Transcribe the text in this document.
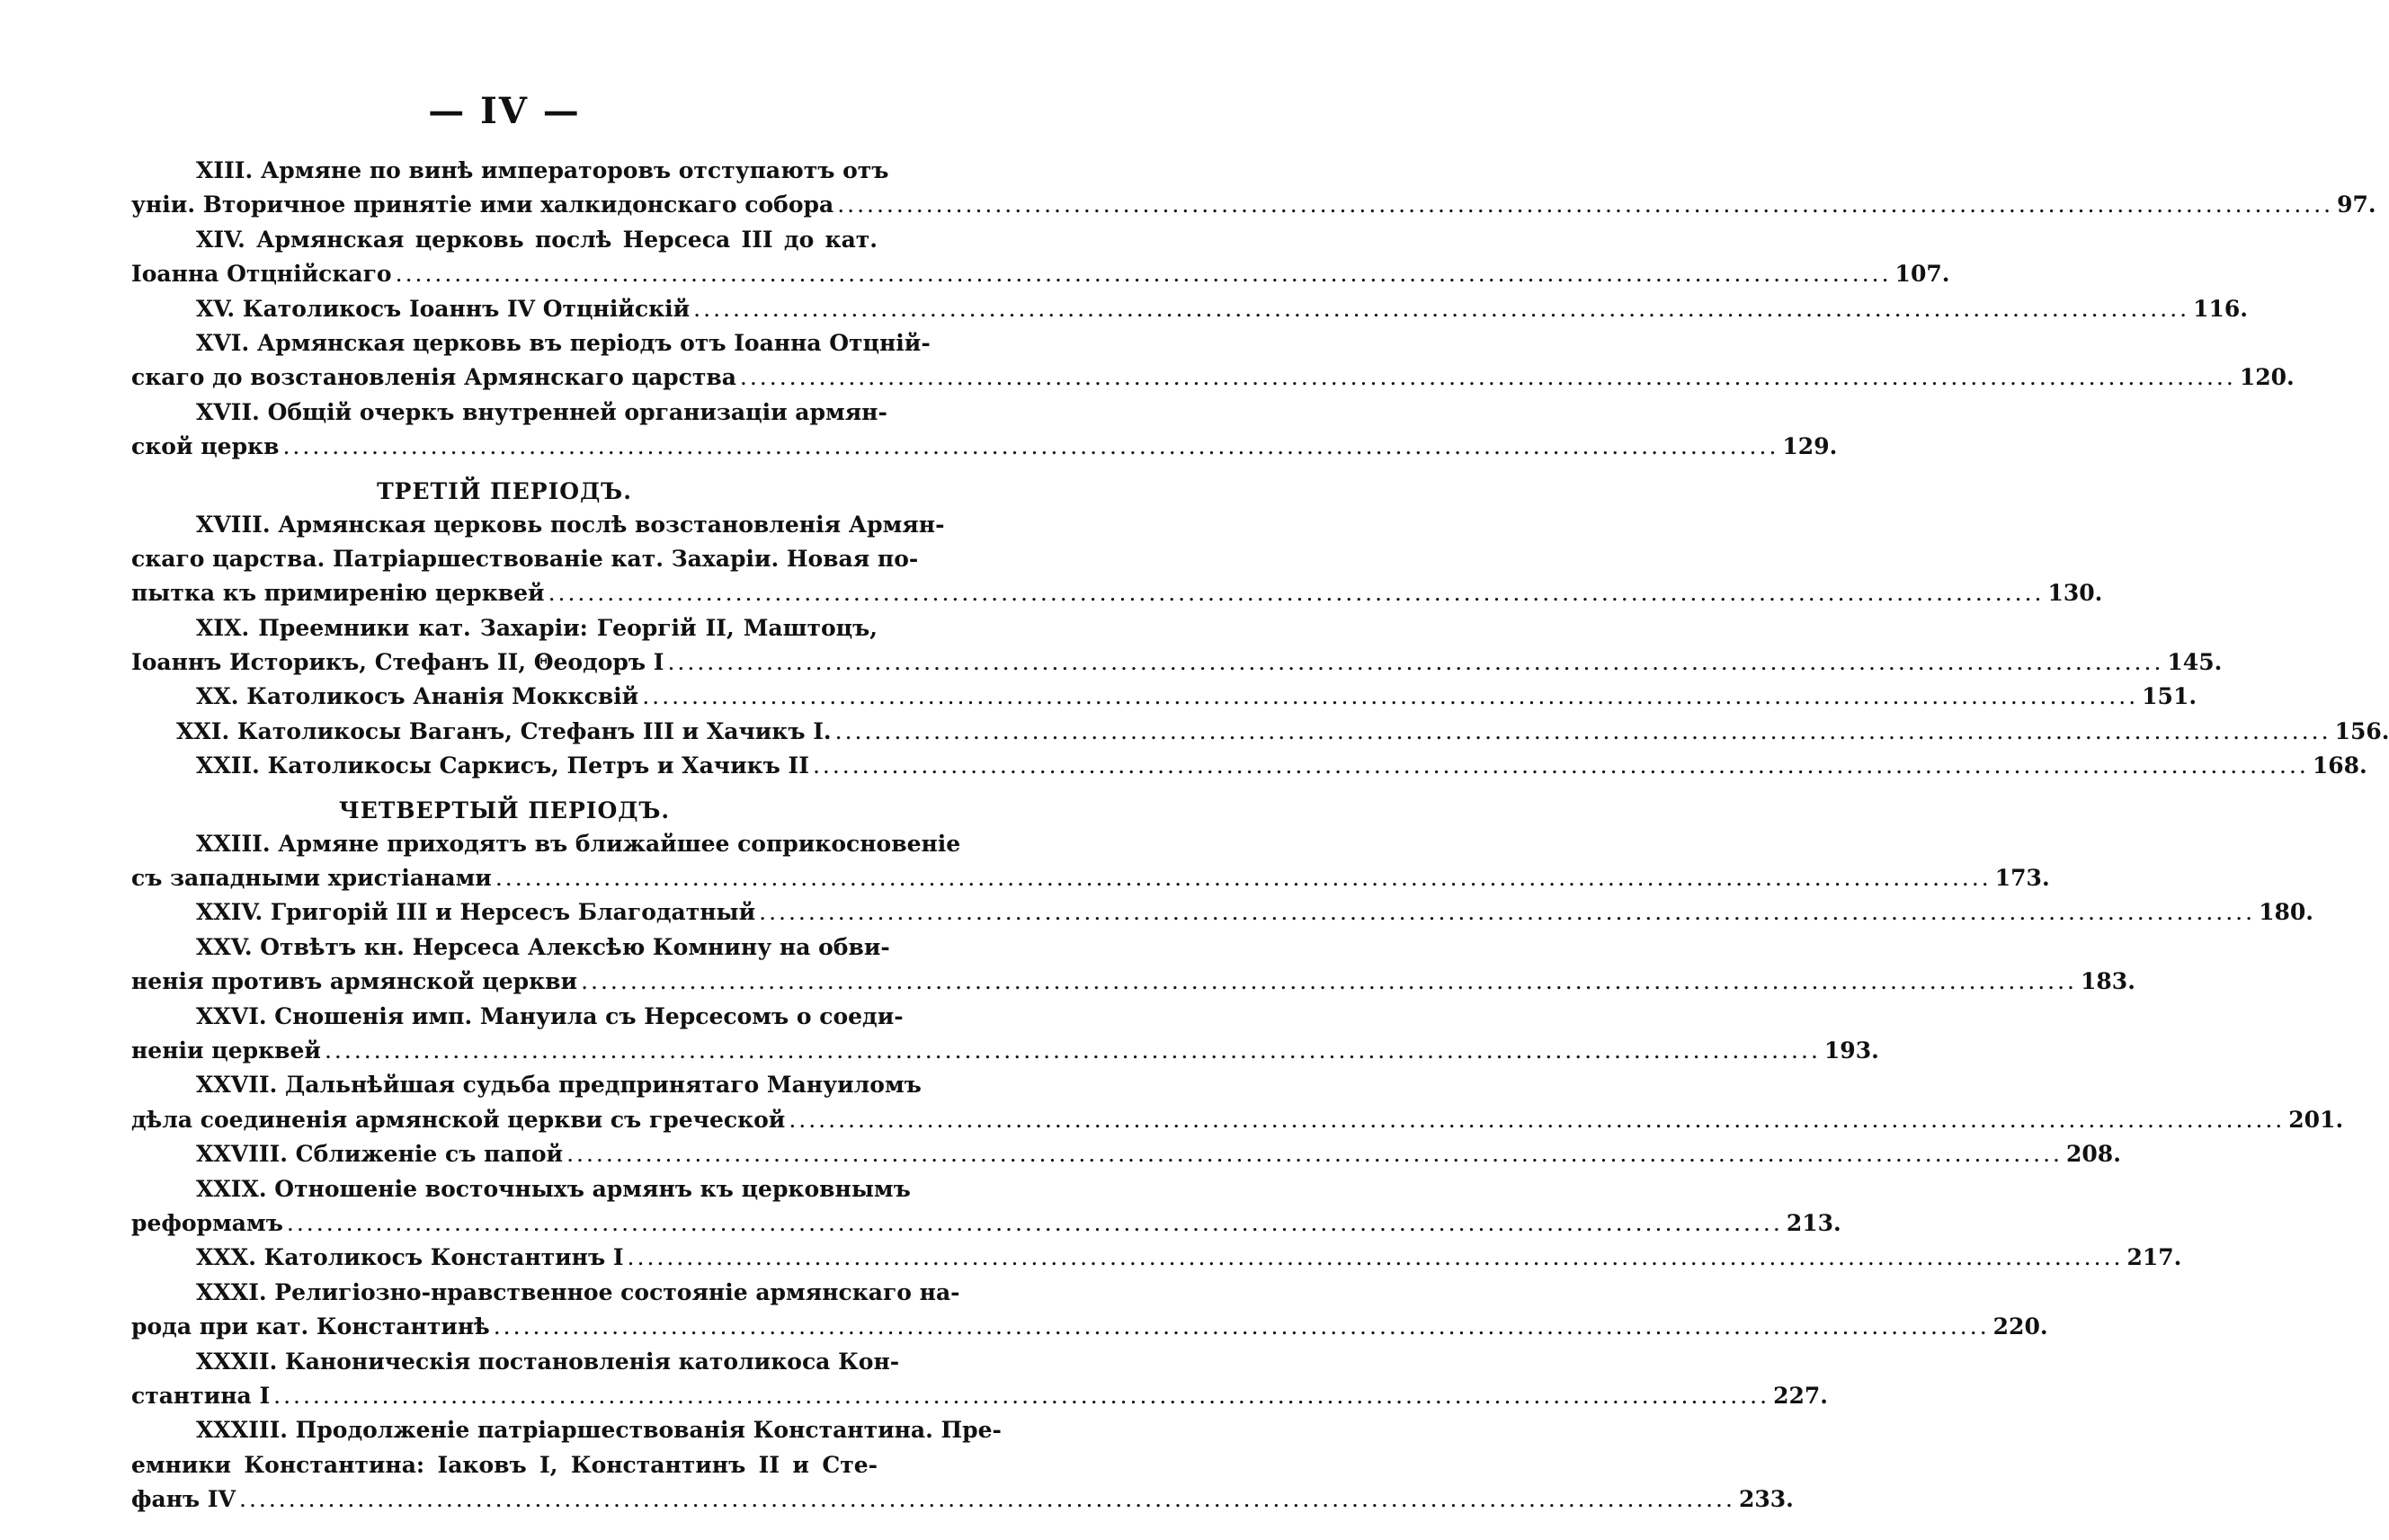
— IV —
XIII. Армяне по винѣ императоровъ отступаютъ отъ
уніи. Вторичное принятіе ими халкидонскаго собора .....	97.
XIV. Армянская церковь послѣ Нерсеса III до кат.
Іоанна Отцнійскаго .....	107.
XV. Католикосъ Іоаннъ IV Отцнійскій .....	116.
XVI. Армянская церковь въ періодъ отъ Іоанна Отцній-
скаго до возстановленія Армянскаго царства .....	120.
XVII. Общій очеркъ внутренней организаціи армян-
ской церкв .....	129.
ТРЕТІЙ ПЕРІОДЪ.
XVIII. Армянская церковь послѣ возстановленія Армян-
скаго царства. Патріаршествованіе кат. Захаріи. Новая по-
пытка къ примиренію церквей .....	130.
XIX. Преемники кат. Захаріи: Георгій II, Маштоцъ,
Іоаннъ Историкъ, Стефанъ II, Θеодоръ I .....	145.
XX. Католикосъ Ананія Мокксвій .....	151.
XXI. Католикосы Ваганъ, Стефанъ III и Хачикъ I. .....	156.
XXII. Католикосы Саркисъ, Петръ и Хачикъ II .....	168.
ЧЕТВЕРТЫЙ ПЕРІОДЪ.
XXIII. Армяне приходятъ въ ближайшее соприкосновеніе
съ западными христіанами .....	173.
XXIV. Григорій III и Нерсесъ Благодатный .....	180.
XXV. Отвѣтъ кн. Нерсеса Алексѣю Комнину на обви-
ненія противъ армянской церкви .....	183.
XXVI. Сношенія имп. Мануила съ Нерсесомъ о соеди-
неніи церквей .....	193.
XXVII. Дальнѣйшая судьба предпринятаго Мануиломъ
дѣла соединенія армянской церкви съ греческой .....	201.
XXVIII. Сближеніе съ папой .....	208.
XXIX. Отношеніе восточныхъ армянъ къ церковнымъ
реформамъ .....	213.
XXX. Католикосъ Константинъ I .....	217.
XXXI. Религіозно-нравственное состояніе армянскаго на-
рода при кат. Константинѣ .....	220.
XXXII. Каноническія постановленія католикоса Кон-
стантина I .....	227.
XXXIII. Продолженіе патріаршествованія Константина. Пре-
емники Константина: Іаковъ I, Константинъ II и Сте-
фанъ IV .....	233.
